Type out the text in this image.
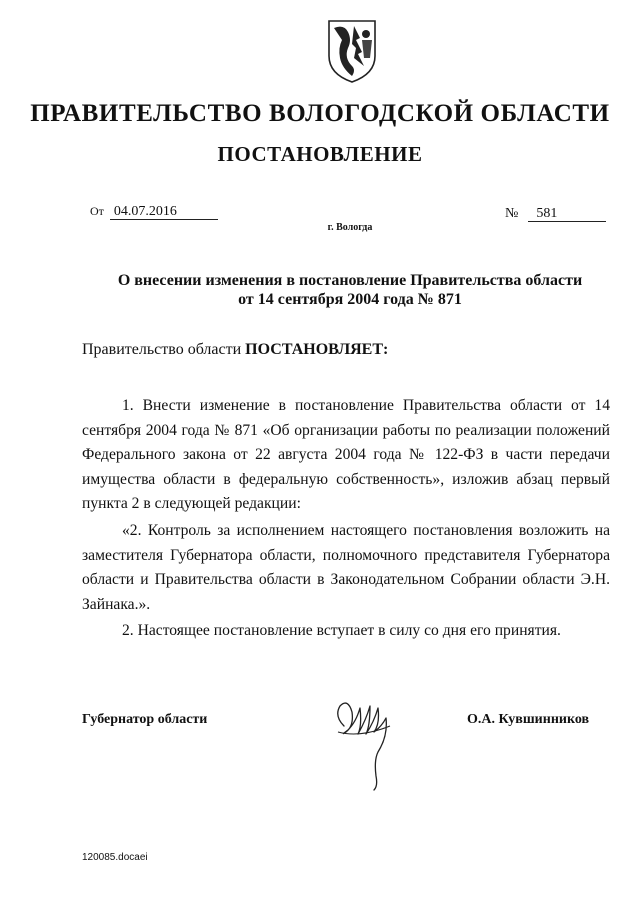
ПРАВИТЕЛЬСТВО ВОЛОГОДСКОЙ ОБЛАСТИ
ПОСТАНОВЛЕНИЕ
От 04.07.2016	№ 581
г. Вологда
О внесении изменения в постановление Правительства области
от 14 сентября 2004 года № 871
Правительство области ПОСТАНОВЛЯЕТ:

1. Внести изменение в постановление Правительства области от 14 сентября 2004 года № 871 «Об организации работы по реализации положений Федерального закона от 22 августа 2004 года № 122-ФЗ в части передачи имущества области в федеральную собственность», изложив абзац первый пункта 2 в следующей редакции:

«2. Контроль за исполнением настоящего постановления возложить на заместителя Губернатора области, полномочного представителя Губернатора области и Правительства области в Законодательном Собрании области Э.Н. Зайнака.».

2. Настоящее постановление вступает в силу со дня его принятия.

Губернатор области	О.А. Кувшинников
120085.docaei
